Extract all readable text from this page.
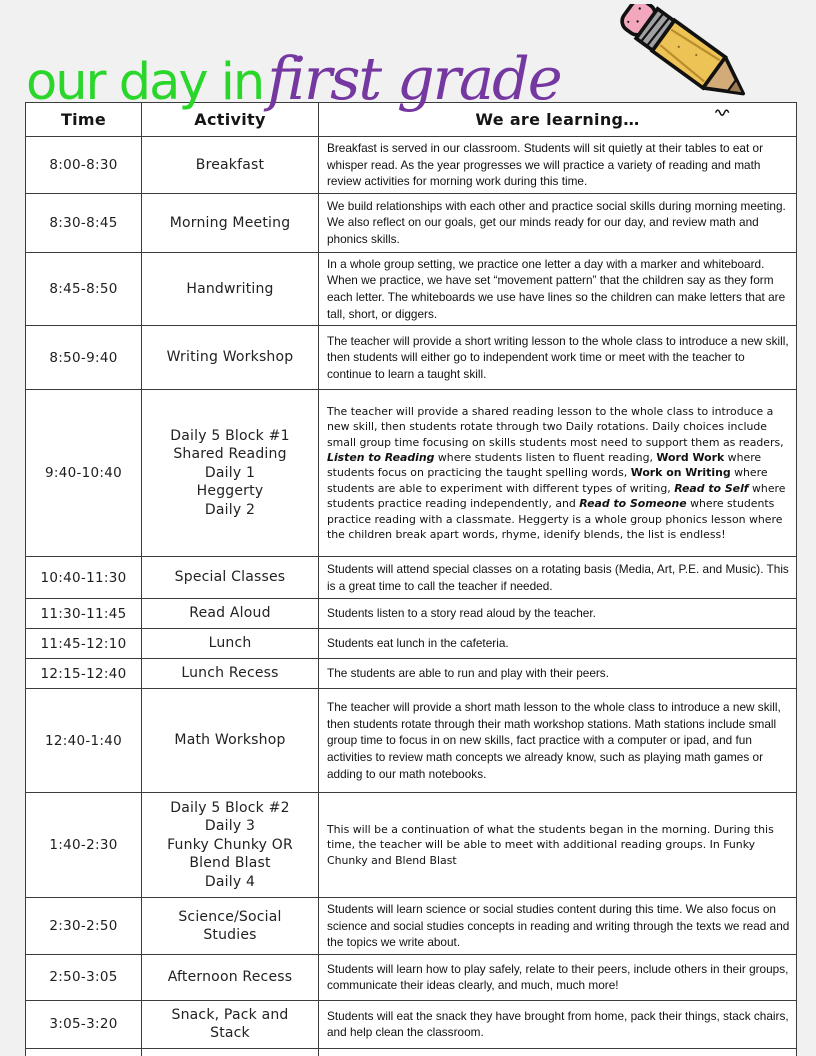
our day in first grade
Time	Activity	We are learning…
8:00-8:30	Breakfast	Breakfast is served in our classroom. Students will sit quietly at their tables to eat or whisper read. As the year progresses we will practice a variety of reading and math review activities for morning work during this time.
8:30-8:45	Morning Meeting	We build relationships with each other and practice social skills during morning meeting. We also reflect on our goals, get our minds ready for our day, and review math and phonics skills.
8:45-8:50	Handwriting	In a whole group setting, we practice one letter a day with a marker and whiteboard. When we practice, we have set “movement pattern” that the children say as they form each letter. The whiteboards we use have lines so the children can make letters that are tall, short, or diggers.
8:50-9:40	Writing Workshop	The teacher will provide a short writing lesson to the whole class to introduce a new skill, then students will either go to independent work time or meet with the teacher to continue to learn a taught skill.
9:40-10:40	Daily 5 Block #1
Shared Reading
Daily 1
Heggerty
Daily 2	The teacher will provide a shared reading lesson to the whole class to introduce a new skill, then students rotate through two Daily rotations. Daily choices include small group time focusing on skills students most need to support them as readers, Listen to Reading where students listen to fluent reading, Word Work where students focus on practicing the taught spelling words, Work on Writing where students are able to experiment with different types of writing, Read to Self where students practice reading independently, and Read to Someone where students practice reading with a classmate. Heggerty is a whole group phonics lesson where the children break apart words, rhyme, idenify blends, the list is endless!
10:40-11:30	Special Classes	Students will attend special classes on a rotating basis (Media, Art, P.E. and Music). This is a great time to call the teacher if needed.
11:30-11:45	Read Aloud	Students listen to a story read aloud by the teacher.
11:45-12:10	Lunch	Students eat lunch in the cafeteria.
12:15-12:40	Lunch Recess	The students are able to run and play with their peers.
12:40-1:40	Math Workshop	The teacher will provide a short math lesson to the whole class to introduce a new skill, then students rotate through their math workshop stations. Math stations include small group time to focus in on new skills, fact practice with a computer or ipad, and fun activities to review math concepts we already know, such as playing math games or adding to our math notebooks.
1:40-2:30	Daily 5 Block #2
Daily 3
Funky Chunky OR
Blend Blast
Daily 4	This will be a continuation of what the students began in the morning. During this time, the teacher will be able to meet with additional reading groups. In Funky Chunky and Blend Blast
2:30-2:50	Science/Social
Studies	Students will learn science or social studies content during this time. We also focus on science and social studies concepts in reading and writing through the texts we read and the topics we write about.
2:50-3:05	Afternoon Recess	Students will learn how to play safely, relate to their peers, include others in their groups, communicate their ideas clearly, and much, much more!
3:05-3:20	Snack, Pack and
Stack	Students will eat the snack they have brought from home, pack their things, stack chairs, and help clean the classroom.
